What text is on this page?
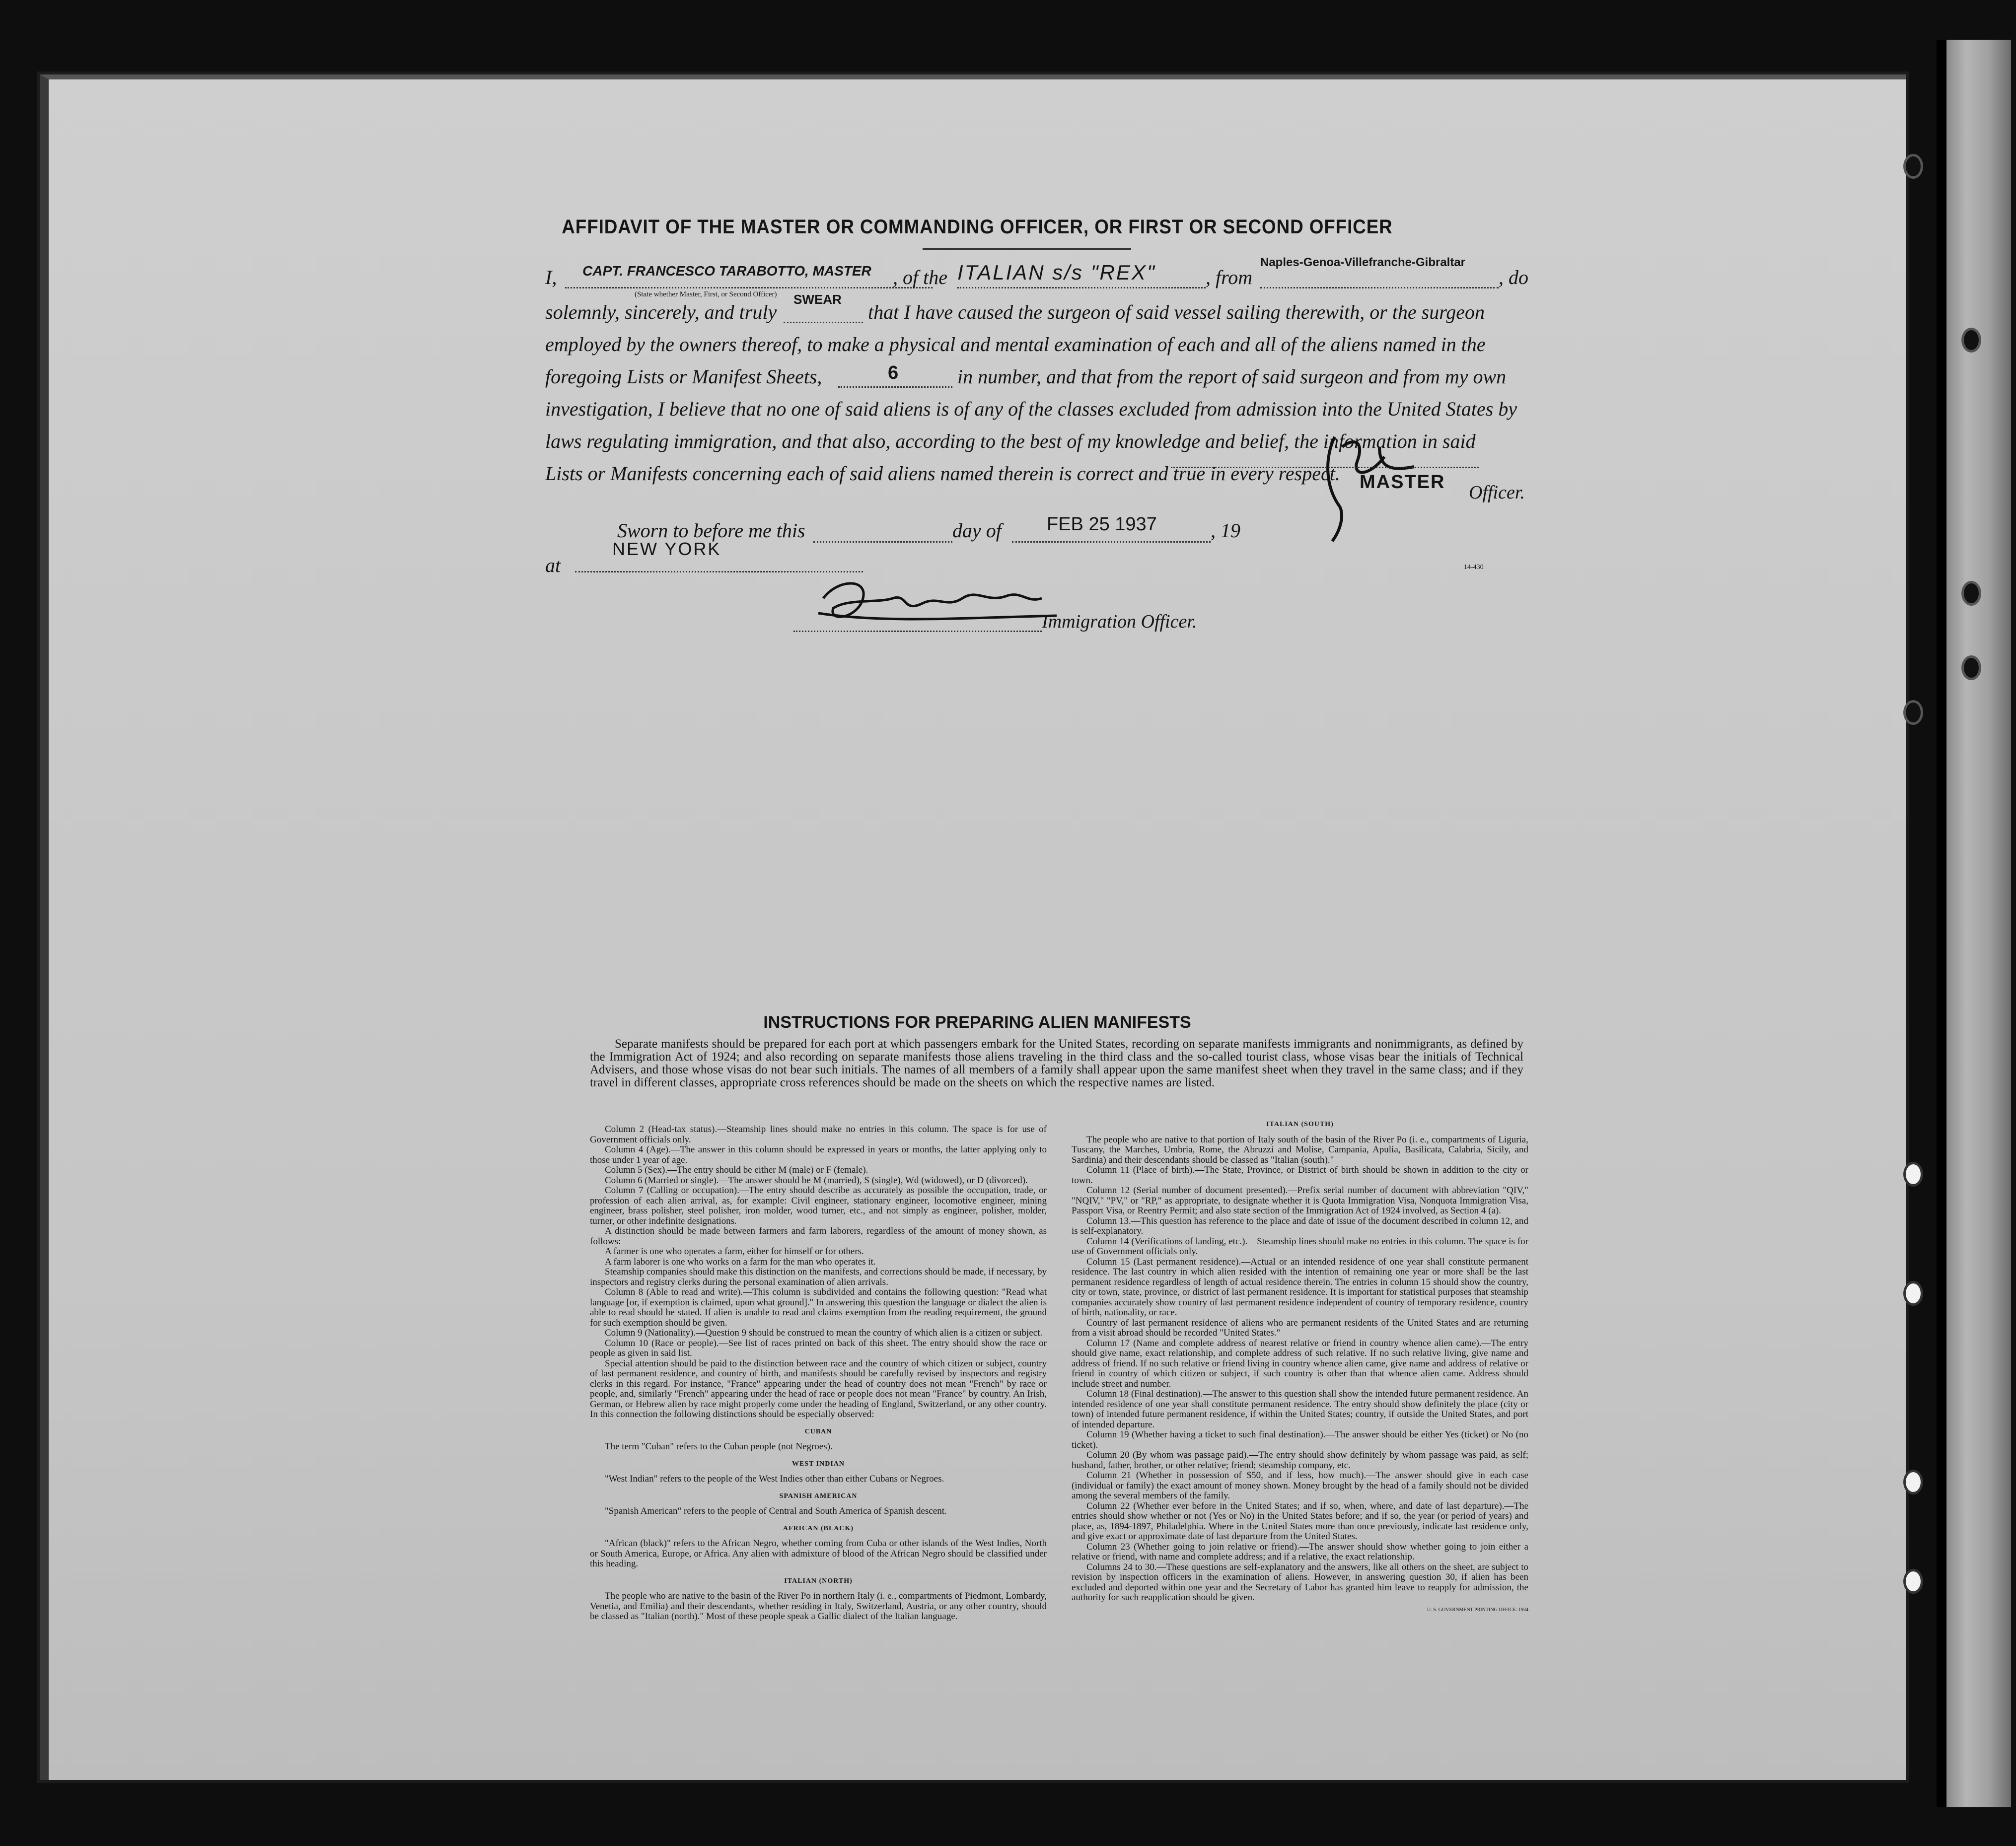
AFFIDAVIT OF THE MASTER OR COMMANDING OFFICER, OR FIRST OR SECOND OFFICER
I, CAPT. FRANCESCO TARABOTTO, MASTER
(State whether Master, First, or Second Officer)
, of the ITALIAN s/s "REX"	, from
Naples-Genoa-Villefranche-Gibraltar
, do
solemnly, sincerely, and truly
SWEAR
that I have caused the surgeon of said vessel sailing therewith, or the surgeon
employed by the owners thereof, to make a physical and mental examination of each and all of the aliens named in the
foregoing Lists or Manifest Sheets,	6	in number, and that from the report of said surgeon and from my own
investigation, I believe that no one of said aliens is of any of the classes excluded from admission into the United States by
laws regulating immigration, and that also, according to the best of my knowledge and belief, the information in said
Lists or Manifests concerning each of said aliens named therein is correct and true in every respect. MASTER Officer.
Sworn to before me this	day of FEB 25 1937	, 19
at
NEW YORK
Immigration Officer.
14-430
INSTRUCTIONS FOR PREPARING ALIEN MANIFESTS
Separate manifests should be prepared for each port at which passengers embark for the United States, recording on separate manifests immigrants and nonimmigrants, as defined by the Immigration Act of 1924; and also recording on separate manifests those aliens traveling in the third class and the so-called tourist class, whose visas bear the initials of Technical Advisers, and those whose visas do not bear such initials. The names of all members of a family shall appear upon the same manifest sheet when they travel in the same class; and if they travel in different classes, appropriate cross references should be made on the sheets on which the respective names are listed.

Column 2 (Head-tax status).—Steamship lines should make no entries in this column. The space is for use of Government officials only.

Column 4 (Age).—The answer in this column should be expressed in years or months, the latter applying only to those under 1 year of age.

Column 5 (Sex).—The entry should be either M (male) or F (female).

Column 6 (Married or single).—The answer should be M (married), S (single), Wd (widowed), or D (divorced).

Column 7 (Calling or occupation).—The entry should describe as accurately as possible the occupation, trade, or profession of each alien arrival, as, for example: Civil engineer, stationary engineer, locomotive engineer, mining engineer, brass polisher, steel polisher, iron molder, wood turner, etc., and not simply as engineer, polisher, molder, turner, or other indefinite designations.

A distinction should be made between farmers and farm laborers, regardless of the amount of money shown, as follows:

A farmer is one who operates a farm, either for himself or for others.

A farm laborer is one who works on a farm for the man who operates it.

Steamship companies should make this distinction on the manifests, and corrections should be made, if necessary, by inspectors and registry clerks during the personal examination of alien arrivals.

Column 8 (Able to read and write).—This column is subdivided and contains the following question: "Read what language [or, if exemption is claimed, upon what ground]." In answering this question the language or dialect the alien is able to read should be stated. If alien is unable to read and claims exemption from the reading requirement, the ground for such exemption should be given.

Column 9 (Nationality).—Question 9 should be construed to mean the country of which alien is a citizen or subject.

Column 10 (Race or people).—See list of races printed on back of this sheet. The entry should show the race or people as given in said list.

Special attention should be paid to the distinction between race and the country of which citizen or subject, country of last permanent residence, and country of birth, and manifests should be carefully revised by inspectors and registry clerks in this regard. For instance, "France" appearing under the head of country does not mean "French" by race or people, and, similarly "French" appearing under the head of race or people does not mean "France" by country. An Irish, German, or Hebrew alien by race might properly come under the heading of England, Switzerland, or any other country. In this connection the following distinctions should be especially observed:

CUBAN

The term "Cuban" refers to the Cuban people (not Negroes).

WEST INDIAN

"West Indian" refers to the people of the West Indies other than either Cubans or Negroes.

SPANISH AMERICAN

"Spanish American" refers to the people of Central and South America of Spanish descent.

AFRICAN (BLACK)

"African (black)" refers to the African Negro, whether coming from Cuba or other islands of the West Indies, North or South America, Europe, or Africa. Any alien with admixture of blood of the African Negro should be classified under this heading.

ITALIAN (NORTH)

The people who are native to the basin of the River Po in northern Italy (i. e., compartments of Piedmont, Lombardy, Venetia, and Emilia) and their descendants, whether residing in Italy, Switzerland, Austria, or any other country, should be classed as "Italian (north)." Most of these people speak a Gallic dialect of the Italian language.

ITALIAN (SOUTH)

The people who are native to that portion of Italy south of the basin of the River Po (i. e., compartments of Liguria, Tuscany, the Marches, Umbria, Rome, the Abruzzi and Molise, Campania, Apulia, Basilicata, Calabria, Sicily, and Sardinia) and their descendants should be classed as "Italian (south)."

Column 11 (Place of birth).—The State, Province, or District of birth should be shown in addition to the city or town.

Column 12 (Serial number of document presented).—Prefix serial number of document with abbreviation "QIV," "NQIV," "PV," or "RP," as appropriate, to designate whether it is Quota Immigration Visa, Nonquota Immigration Visa, Passport Visa, or Reentry Permit; and also state section of the Immigration Act of 1924 involved, as Section 4 (a).

Column 13.—This question has reference to the place and date of issue of the document described in column 12, and is self-explanatory.

Column 14 (Verifications of landing, etc.).—Steamship lines should make no entries in this column. The space is for use of Government officials only.

Column 15 (Last permanent residence).—Actual or an intended residence of one year shall constitute permanent residence. The last country in which alien resided with the intention of remaining one year or more shall be the last permanent residence regardless of length of actual residence therein. The entries in column 15 should show the country, city or town, state, province, or district of last permanent residence. It is important for statistical purposes that steamship companies accurately show country of last permanent residence independent of country of temporary residence, country of birth, nationality, or race.

Country of last permanent residence of aliens who are permanent residents of the United States and are returning from a visit abroad should be recorded "United States."

Column 17 (Name and complete address of nearest relative or friend in country whence alien came).—The entry should give name, exact relationship, and complete address of such relative. If no such relative living, give name and address of friend. If no such relative or friend living in country whence alien came, give name and address of relative or friend in country of which citizen or subject, if such country is other than that whence alien came. Address should include street and number.

Column 18 (Final destination).—The answer to this question shall show the intended future permanent residence. An intended residence of one year shall constitute permanent residence. The entry should show definitely the place (city or town) of intended future permanent residence, if within the United States; country, if outside the United States, and port of intended departure.

Column 19 (Whether having a ticket to such final destination).—The answer should be either Yes (ticket) or No (no ticket).

Column 20 (By whom was passage paid).—The entry should show definitely by whom passage was paid, as self; husband, father, brother, or other relative; friend; steamship company, etc.

Column 21 (Whether in possession of $50, and if less, how much).—The answer should give in each case (individual or family) the exact amount of money shown. Money brought by the head of a family should not be divided among the several members of the family.

Column 22 (Whether ever before in the United States; and if so, when, where, and date of last departure).—The entries should show whether or not (Yes or No) in the United States before; and if so, the year (or period of years) and place, as, 1894-1897, Philadelphia. Where in the United States more than once previously, indicate last residence only, and give exact or approximate date of last departure from the United States.

Column 23 (Whether going to join relative or friend).—The answer should show whether going to join either a relative or friend, with name and complete address; and if a relative, the exact relationship.

Columns 24 to 30.—These questions are self-explanatory and the answers, like all others on the sheet, are subject to revision by inspection officers in the examination of aliens. However, in answering question 30, if alien has been excluded and deported within one year and the Secretary of Labor has granted him leave to reapply for admission, the authority for such reapplication should be given.

U. S. GOVERNMENT PRINTING OFFICE: 1934
